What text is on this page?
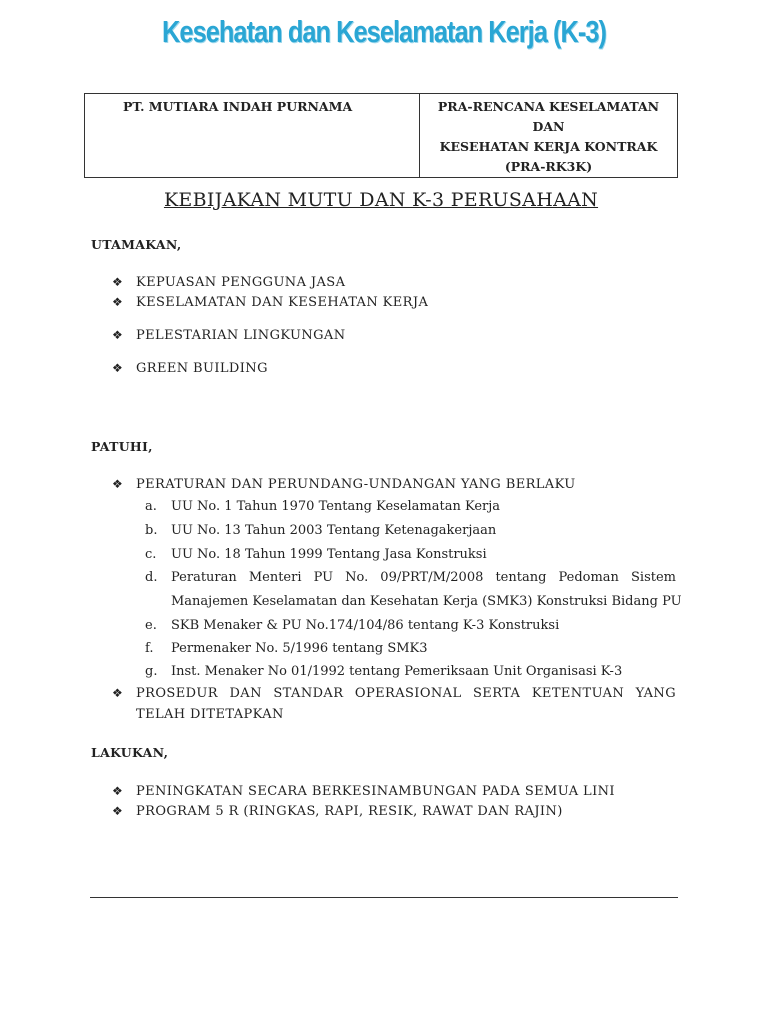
Kesehatan dan Keselamatan Kerja (K-3)
PT. MUTIARA INDAH PURNAMA	PRA-RENCANA KESELAMATAN DAN
KESEHATAN KERJA KONTRAK (PRA-RK3K)
KEBIJAKAN MUTU DAN K-3 PERUSAHAAN
UTAMAKAN,
❖ KEPUASAN PENGGUNA JASA
❖ KESELAMATAN DAN KESEHATAN KERJA
❖ PELESTARIAN LINGKUNGAN
❖ GREEN BUILDING
PATUHI,
❖ PERATURAN DAN PERUNDANG-UNDANGAN YANG BERLAKU
a. UU No. 1 Tahun 1970 Tentang Keselamatan Kerja
b. UU No. 13 Tahun 2003 Tentang Ketenagakerjaan
c. UU No. 18 Tahun 1999 Tentang Jasa Konstruksi
d. Peraturan Menteri PU No. 09/PRT/M/2008 tentang Pedoman Sistem
Manajemen Keselamatan dan Kesehatan Kerja (SMK3) Konstruksi Bidang PU
e. SKB Menaker & PU No.174/104/86 tentang K-3 Konstruksi
f. Permenaker No. 5/1996 tentang SMK3
g. Inst. Menaker No 01/1992 tentang Pemeriksaan Unit Organisasi K-3
❖ PROSEDUR DAN STANDAR OPERASIONAL SERTA KETENTUAN YANG TELAH DITETAPKAN
LAKUKAN,
❖ PENINGKATAN SECARA BERKESINAMBUNGAN PADA SEMUA LINI
❖ PROGRAM 5 R (RINGKAS, RAPI, RESIK, RAWAT DAN RAJIN)
